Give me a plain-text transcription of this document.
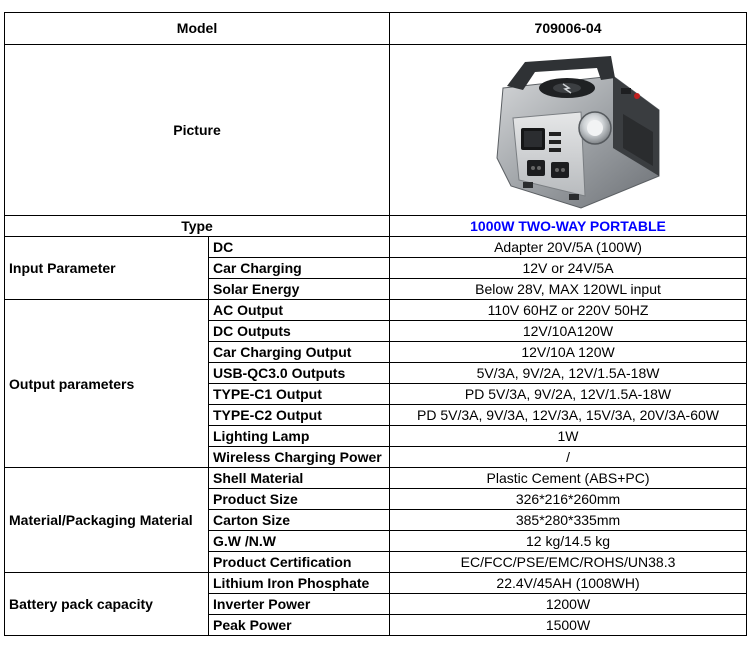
Model		709006-04
Picture	

Type		1000W TWO-WAY PORTABLE
Input Parameter	DC	Adapter 20V/5A (100W)
	Car Charging	12V or 24V/5A
	Solar Energy	Below 28V, MAX 120WL input
Output parameters	AC Output	110V 60HZ or 220V 50HZ
	DC Outputs	12V/10A120W
	Car Charging Output	12V/10A 120W
	USB-QC3.0 Outputs	5V/3A, 9V/2A, 12V/1.5A-18W
	TYPE-C1 Output	PD 5V/3A, 9V/2A, 12V/1.5A-18W
	TYPE-C2 Output	PD 5V/3A, 9V/3A, 12V/3A, 15V/3A, 20V/3A-60W
	Lighting Lamp	1W
	Wireless Charging Power	/
Material/Packaging Material	Shell Material	Plastic Cement (ABS+PC)
	Product Size	326*216*260mm
	Carton Size	385*280*335mm
	G.W /N.W	12 kg/14.5 kg
	Product Certification	EC/FCC/PSE/EMC/ROHS/UN38.3
Battery pack capacity	Lithium Iron Phosphate	22.4V/45AH (1008WH)
	Inverter Power	1200W
	Peak Power	1500W
